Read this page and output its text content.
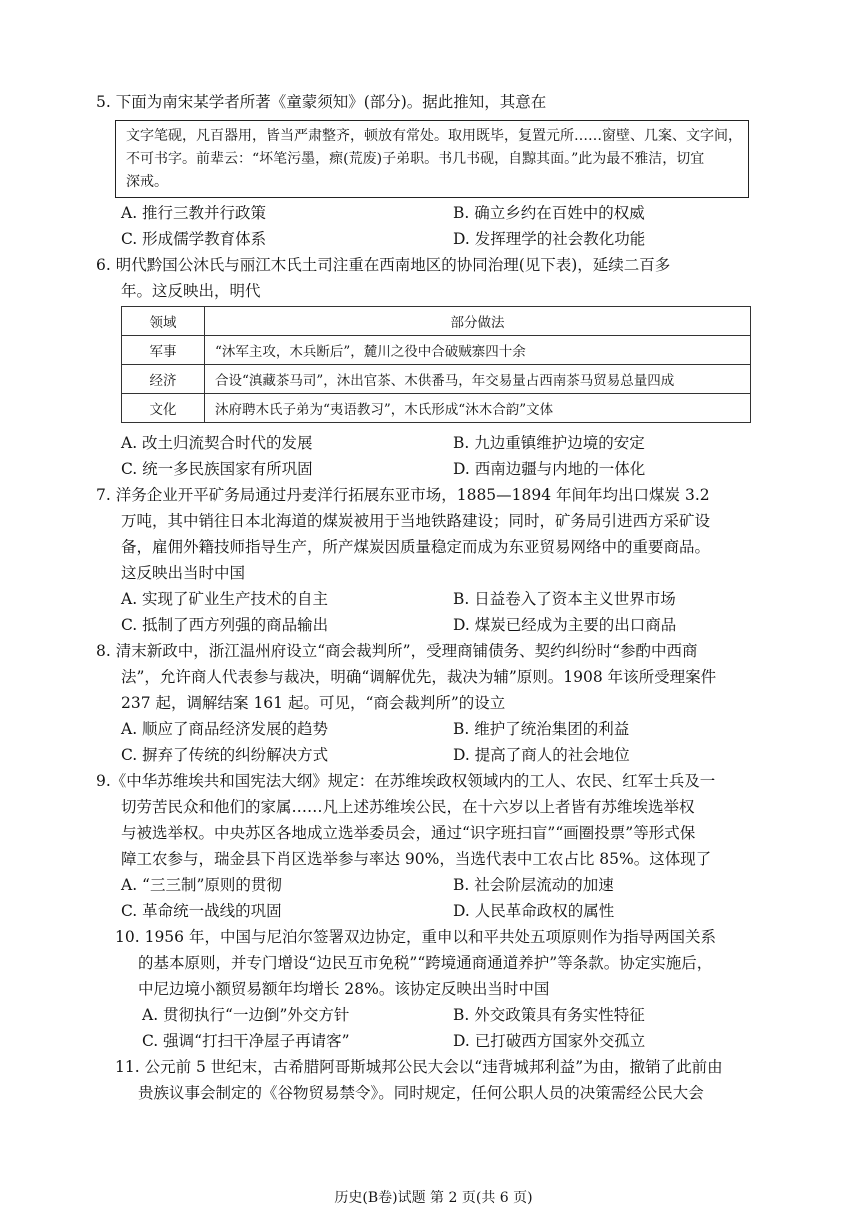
5. 下面为南宋某学者所著《童蒙须知》(部分)。据此推知，其意在
文字笔砚，凡百器用，皆当严肃整齐，顿放有常处。取用既毕，复置元所……窗壁、几案、文字间，
不可书字。前辈云：“坏笔污墨，瘝(荒废)子弟职。书几书砚，自黥其面。”此为最不雅洁，切宜
深戒。
A. 推行三教并行政策	B. 确立乡约在百姓中的权威
C. 形成儒学教育体系	D. 发挥理学的社会教化功能
6. 明代黔国公沐氏与丽江木氏土司注重在西南地区的协同治理(见下表)，延续二百多
年。这反映出，明代
领域	部分做法
军事	“沐军主攻，木兵断后”，麓川之役中合破贼寨四十余
经济	合设“滇藏茶马司”，沐出官茶、木供番马，年交易量占西南茶马贸易总量四成
文化	沐府聘木氏子弟为“夷语教习”，木氏形成“沐木合韵”文体
A. 改土归流契合时代的发展	B. 九边重镇维护边境的安定
C. 统一多民族国家有所巩固	D. 西南边疆与内地的一体化
7. 洋务企业开平矿务局通过丹麦洋行拓展东亚市场，1885—1894 年间年均出口煤炭 3.2
万吨，其中销往日本北海道的煤炭被用于当地铁路建设；同时，矿务局引进西方采矿设
备，雇佣外籍技师指导生产，所产煤炭因质量稳定而成为东亚贸易网络中的重要商品。
这反映出当时中国
A. 实现了矿业生产技术的自主	B. 日益卷入了资本主义世界市场
C. 抵制了西方列强的商品输出	D. 煤炭已经成为主要的出口商品
8. 清末新政中，浙江温州府设立“商会裁判所”，受理商铺债务、契约纠纷时“参酌中西商
法”，允许商人代表参与裁决，明确“调解优先，裁决为辅”原则。1908 年该所受理案件
237 起，调解结案 161 起。可见，“商会裁判所”的设立
A. 顺应了商品经济发展的趋势	B. 维护了统治集团的利益
C. 摒弃了传统的纠纷解决方式	D. 提高了商人的社会地位
9.《中华苏维埃共和国宪法大纲》规定：在苏维埃政权领域内的工人、农民、红军士兵及一
切劳苦民众和他们的家属……凡上述苏维埃公民，在十六岁以上者皆有苏维埃选举权
与被选举权。中央苏区各地成立选举委员会，通过“识字班扫盲”“画圈投票”等形式保
障工农参与，瑞金县下肖区选举参与率达 90%，当选代表中工农占比 85%。这体现了
A. “三三制”原则的贯彻	B. 社会阶层流动的加速
C. 革命统一战线的巩固	D. 人民革命政权的属性
10. 1956 年，中国与尼泊尔签署双边协定，重申以和平共处五项原则作为指导两国关系
的基本原则，并专门增设“边民互市免税”“跨境通商通道养护”等条款。协定实施后，
中尼边境小额贸易额年均增长 28%。该协定反映出当时中国
A. 贯彻执行“一边倒”外交方针	B. 外交政策具有务实性特征
C. 强调“打扫干净屋子再请客”	D. 已打破西方国家外交孤立
11. 公元前 5 世纪末，古希腊阿哥斯城邦公民大会以“违背城邦利益”为由，撤销了此前由
贵族议事会制定的《谷物贸易禁令》。同时规定，任何公职人员的决策需经公民大会
历史(B卷)试题 第 2 页(共 6 页)
